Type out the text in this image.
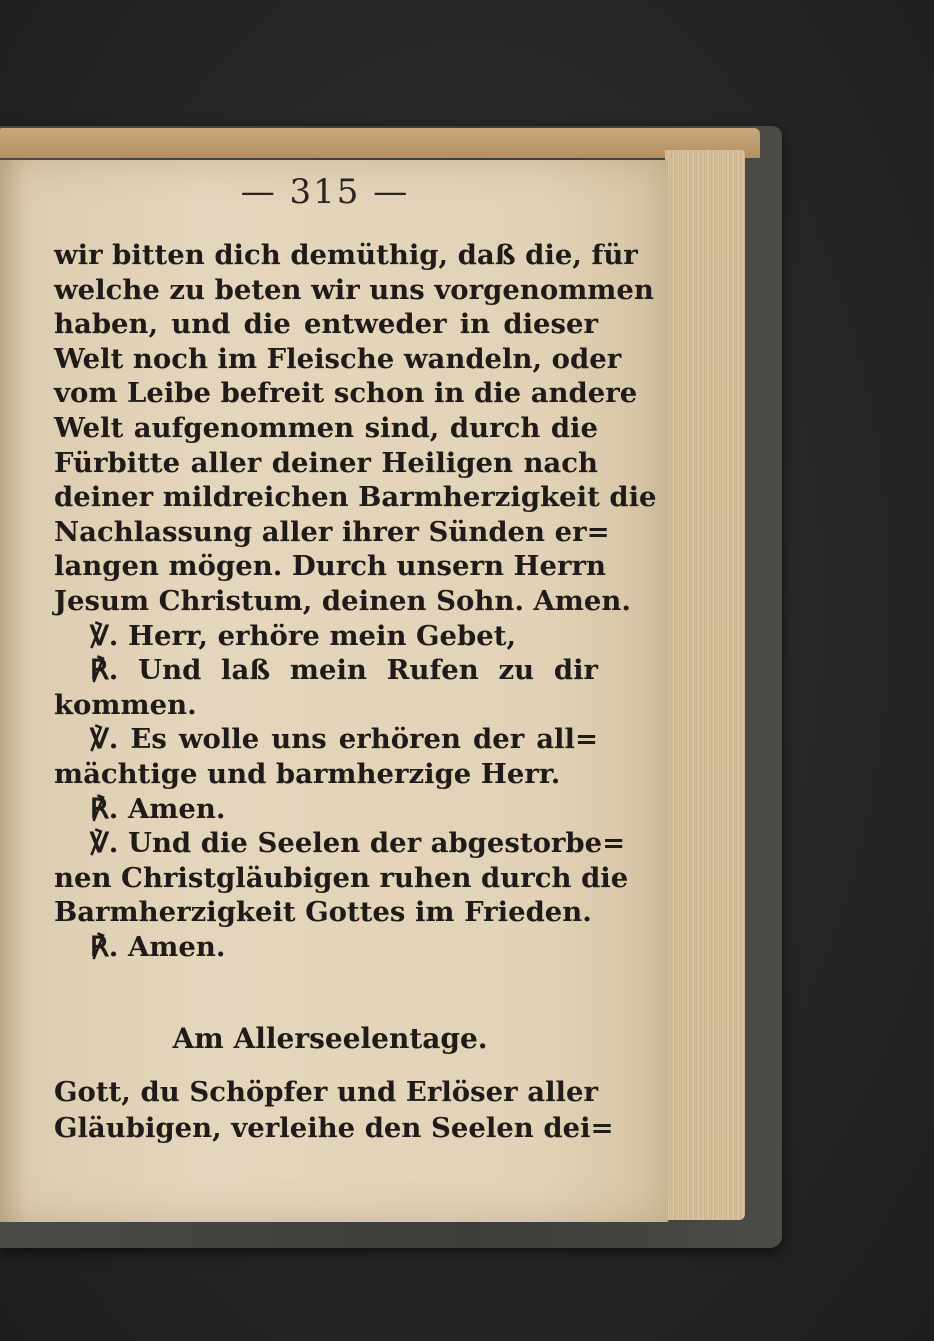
— 315 —
wir bitten dich demüthig, daß die, für
welche zu beten wir uns vorgenommen
haben, und die entweder in dieser
Welt noch im Fleische wandeln, oder
vom Leibe befreit schon in die andere
Welt aufgenommen sind, durch die
Fürbitte aller deiner Heiligen nach
deiner mildreichen Barmherzigkeit die
Nachlassung aller ihrer Sünden er=
langen mögen. Durch unsern Herrn
Jesum Christum, deinen Sohn. Amen.
℣. Herr, erhöre mein Gebet,
℟. Und laß mein Rufen zu dir
kommen.
℣. Es wolle uns erhören der all=
mächtige und barmherzige Herr.
℟. Amen.
℣. Und die Seelen der abgestorbe=
nen Christgläubigen ruhen durch die
Barmherzigkeit Gottes im Frieden.
℟. Amen.
Am Allerseelentage.
Gott, du Schöpfer und Erlöser aller
Gläubigen, verleihe den Seelen dei=
